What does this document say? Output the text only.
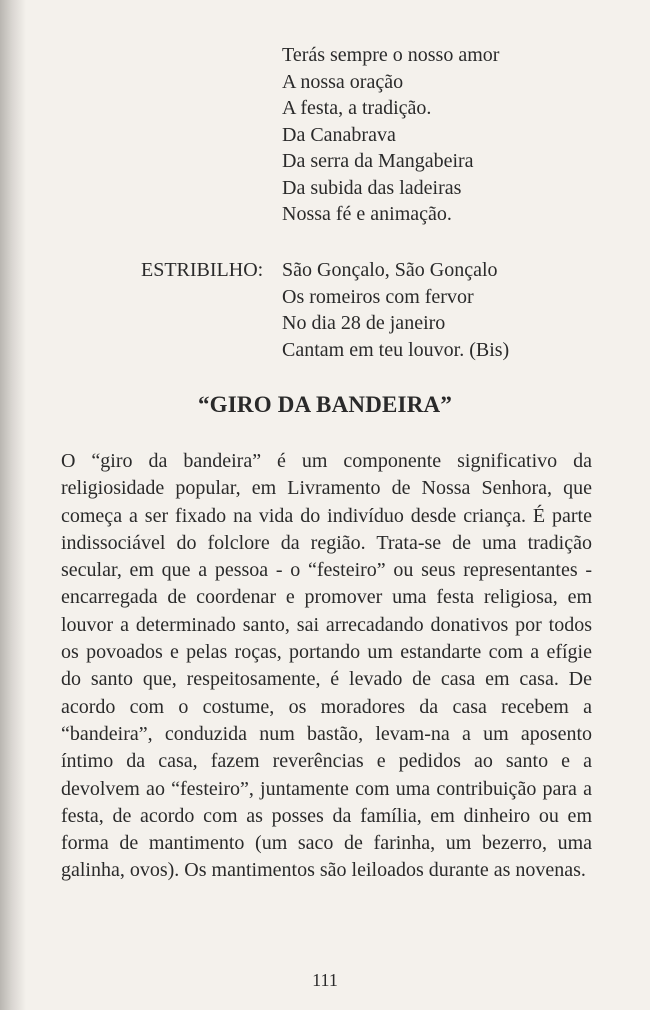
Terás sempre o nosso amor
A nossa oração
A festa, a tradição.
Da Canabrava
Da serra da Mangabeira
Da subida das ladeiras
Nossa fé e animação.
ESTRIBILHO: São Gonçalo, São Gonçalo
Os romeiros com fervor
No dia 28 de janeiro
Cantam em teu louvor. (Bis)
“GIRO DA BANDEIRA”
O “giro da bandeira” é um componente significativo da religiosidade popular, em Livramento de Nossa Senhora, que começa a ser fixado na vida do indivíduo desde criança. É parte indissociável do folclore da região. Trata-se de uma tradição secular, em que a pessoa - o “festeiro” ou seus representantes - encarregada de coordenar e promover uma festa religiosa, em louvor a determinado santo, sai arrecadando donativos por todos os povoados e pelas roças, portando um estandarte com a efígie do santo que, respeitosamente, é levado de casa em casa. De acordo com o costume, os moradores da casa recebem a “bandeira”, conduzida num bastão, levam-na a um aposento íntimo da casa, fazem reverências e pedidos ao santo e a devolvem ao “festeiro”, juntamente com uma contribuição para a festa, de acordo com as posses da família, em dinheiro ou em forma de mantimento (um saco de farinha, um bezerro, uma galinha, ovos). Os mantimentos são leiloados durante as novenas.
111
